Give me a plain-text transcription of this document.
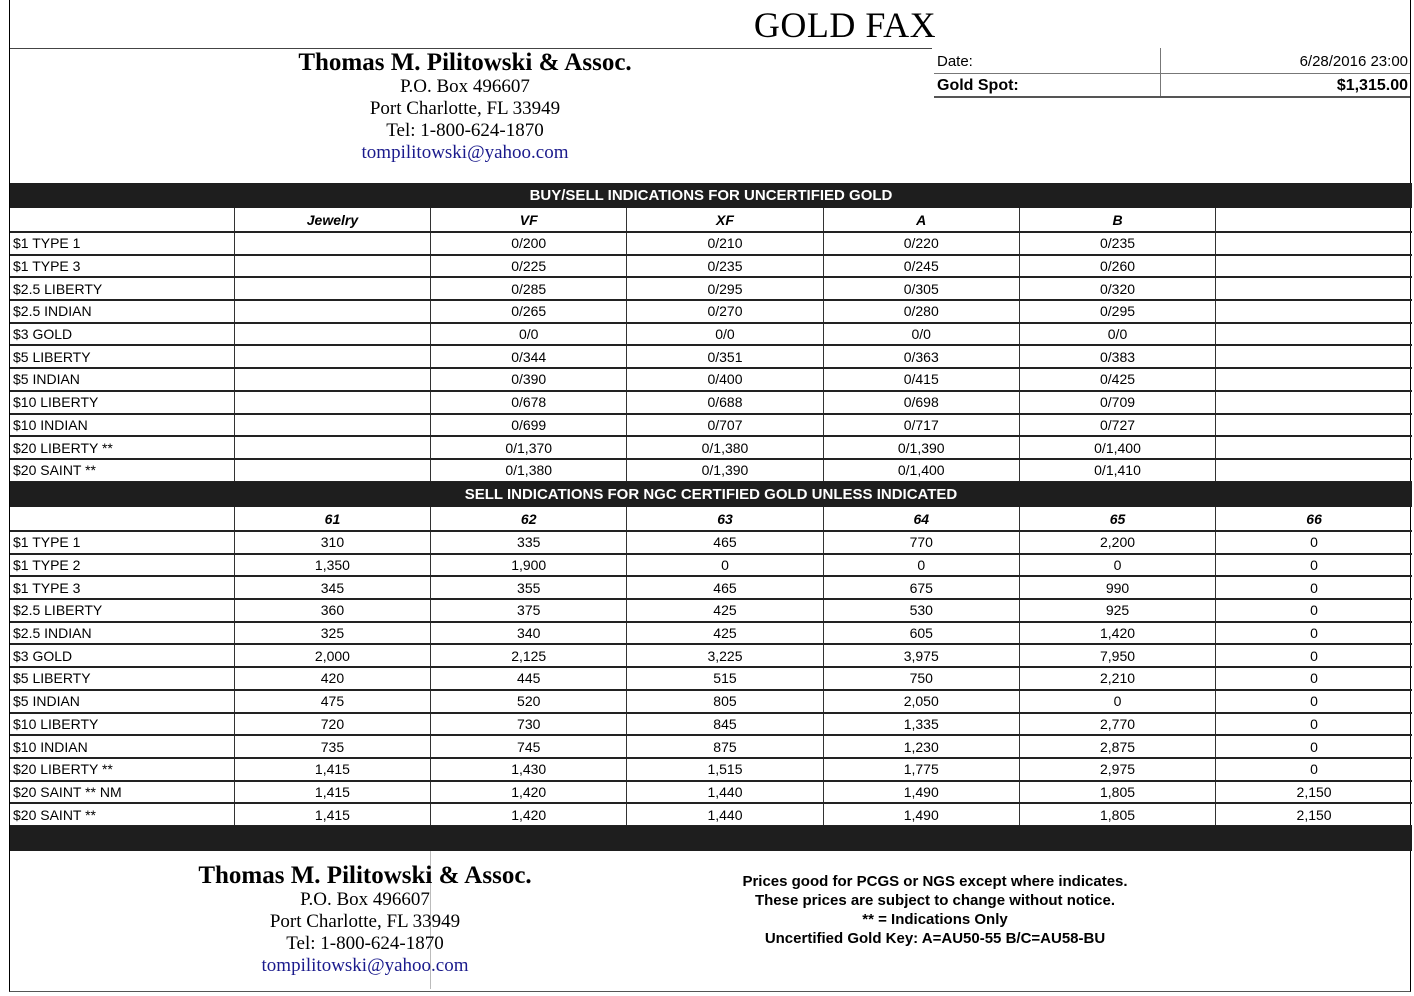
GOLD FAX
Thomas M. Pilitowski & Assoc.
P.O. Box 496607
Port Charlotte, FL 33949
Tel: 1-800-624-1870
tompilitowski@yahoo.com
Date:	6/28/2016 23:00
Gold Spot:	$1,315.00
BUY/SELL INDICATIONS FOR UNCERTIFIED GOLD
	Jewelry	VF	XF	A	B	
$1 TYPE 1		0/200	0/210	0/220	0/235	
$1 TYPE 3		0/225	0/235	0/245	0/260	
$2.5 LIBERTY		0/285	0/295	0/305	0/320	
$2.5 INDIAN		0/265	0/270	0/280	0/295	
$3 GOLD		0/0	0/0	0/0	0/0	
$5 LIBERTY		0/344	0/351	0/363	0/383	
$5 INDIAN		0/390	0/400	0/415	0/425	
$10 LIBERTY		0/678	0/688	0/698	0/709	
$10 INDIAN		0/699	0/707	0/717	0/727	
$20 LIBERTY **		0/1,370	0/1,380	0/1,390	0/1,400	
$20 SAINT **		0/1,380	0/1,390	0/1,400	0/1,410	
SELL INDICATIONS FOR NGC CERTIFIED GOLD UNLESS INDICATED
	61	62	63	64	65	66
$1 TYPE 1	310	335	465	770	2,200	0
$1 TYPE 2	1,350	1,900	0	0	0	0
$1 TYPE 3	345	355	465	675	990	0
$2.5 LIBERTY	360	375	425	530	925	0
$2.5 INDIAN	325	340	425	605	1,420	0
$3 GOLD	2,000	2,125	3,225	3,975	7,950	0
$5 LIBERTY	420	445	515	750	2,210	0
$5 INDIAN	475	520	805	2,050	0	0
$10 LIBERTY	720	730	845	1,335	2,770	0
$10 INDIAN	735	745	875	1,230	2,875	0
$20 LIBERTY **	1,415	1,430	1,515	1,775	2,975	0
$20 SAINT ** NM	1,415	1,420	1,440	1,490	1,805	2,150
$20 SAINT **	1,415	1,420	1,440	1,490	1,805	2,150
Thomas M. Pilitowski & Assoc.
P.O. Box 496607
Port Charlotte, FL 33949
Tel: 1-800-624-1870
tompilitowski@yahoo.com
Prices good for PCGS or NGS except where indicates.
These prices are subject to change without notice.
** = Indications Only
Uncertified Gold Key: A=AU50-55 B/C=AU58-BU
